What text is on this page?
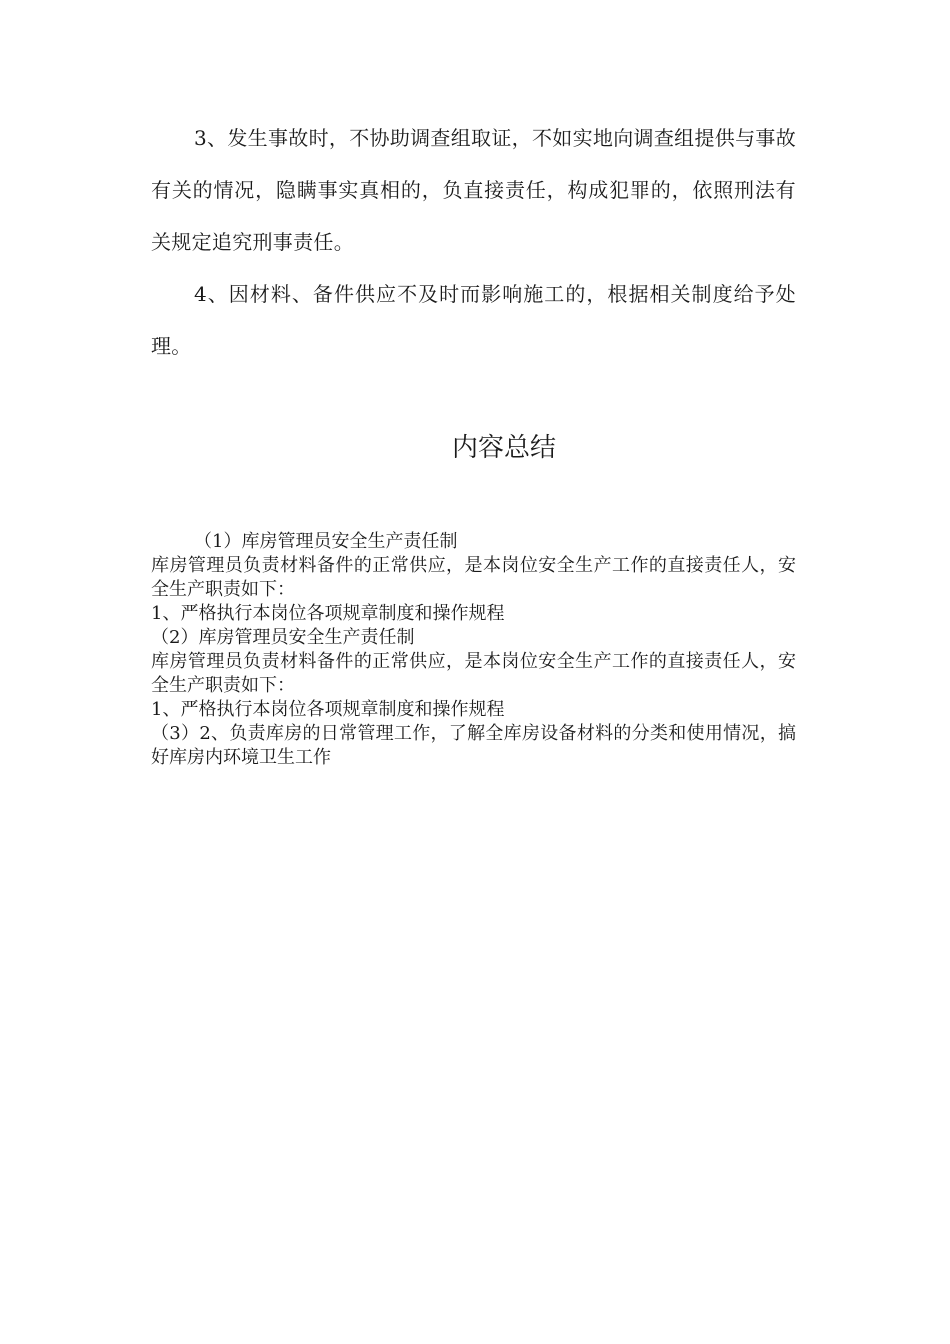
3、发生事故时，不协助调查组取证，不如实地向调查组提供与事故有关的情况，隐瞒事实真相的，负直接责任，构成犯罪的，依照刑法有关规定追究刑事责任。

4、因材料、备件供应不及时而影响施工的，根据相关制度给予处理。

内容总结

（1）库房管理员安全生产责任制

库房管理员负责材料备件的正常供应，是本岗位安全生产工作的直接责任人，安全生产职责如下：

1、严格执行本岗位各项规章制度和操作规程

（2）库房管理员安全生产责任制

库房管理员负责材料备件的正常供应，是本岗位安全生产工作的直接责任人，安全生产职责如下：

1、严格执行本岗位各项规章制度和操作规程

（3）2、负责库房的日常管理工作，了解全库房设备材料的分类和使用情况，搞好库房内环境卫生工作
